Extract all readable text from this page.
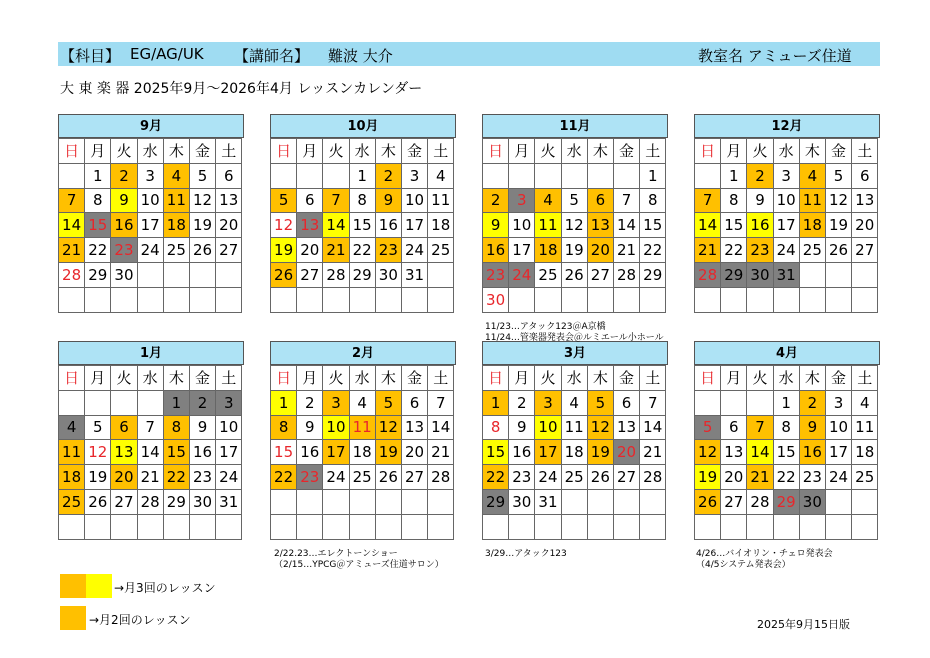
【科目】 EG/AG/UK 【講師名】 難波 大介	教室名 アミューズ住道
大 東 楽 器 2025年9月～2026年4月 レッスンカレンダー
9月
日	月	火	水	木	金	土
	1	2	3	4	5	6
7	8	9	10	11	12	13
14	15	16	17	18	19	20
21	22	23	24	25	26	27
28	29	30				

10月
日	月	火	水	木	金	土
			1	2	3	4
5	6	7	8	9	10	11
12	13	14	15	16	17	18
19	20	21	22	23	24	25
26	27	28	29	30	31	

11月
日	月	火	水	木	金	土
						1
2	3	4	5	6	7	8
9	10	11	12	13	14	15
16	17	18	19	20	21	22
23	24	25	26	27	28	29
30						
12月
日	月	火	水	木	金	土
	1	2	3	4	5	6
7	8	9	10	11	12	13
14	15	16	17	18	19	20
21	22	23	24	25	26	27
28	29	30	31			

1月
日	月	火	水	木	金	土
				1	2	3
4	5	6	7	8	9	10
11	12	13	14	15	16	17
18	19	20	21	22	23	24
25	26	27	28	29	30	31

2月
日	月	火	水	木	金	土
1	2	3	4	5	6	7
8	9	10	11	12	13	14
15	16	17	18	19	20	21
22	23	24	25	26	27	28

3月
日	月	火	水	木	金	土
1	2	3	4	5	6	7
8	9	10	11	12	13	14
15	16	17	18	19	20	21
22	23	24	25	26	27	28
29	30	31				

4月
日	月	火	水	木	金	土
			1	2	3	4
5	6	7	8	9	10	11
12	13	14	15	16	17	18
19	20	21	22	23	24	25
26	27	28	29	30		

11/23…アタック123＠A京橋
11/24…管楽器発表会＠ルミエール小ホール
2/22.23…エレクトーンショー
（2/15…YPCG＠アミューズ住道サロン）
3/29…アタック123	4/26…バイオリン・チェロ発表会
（4/5システム発表会）
→月3回のレッスン
→月2回のレッスン	2025年9月15日版
